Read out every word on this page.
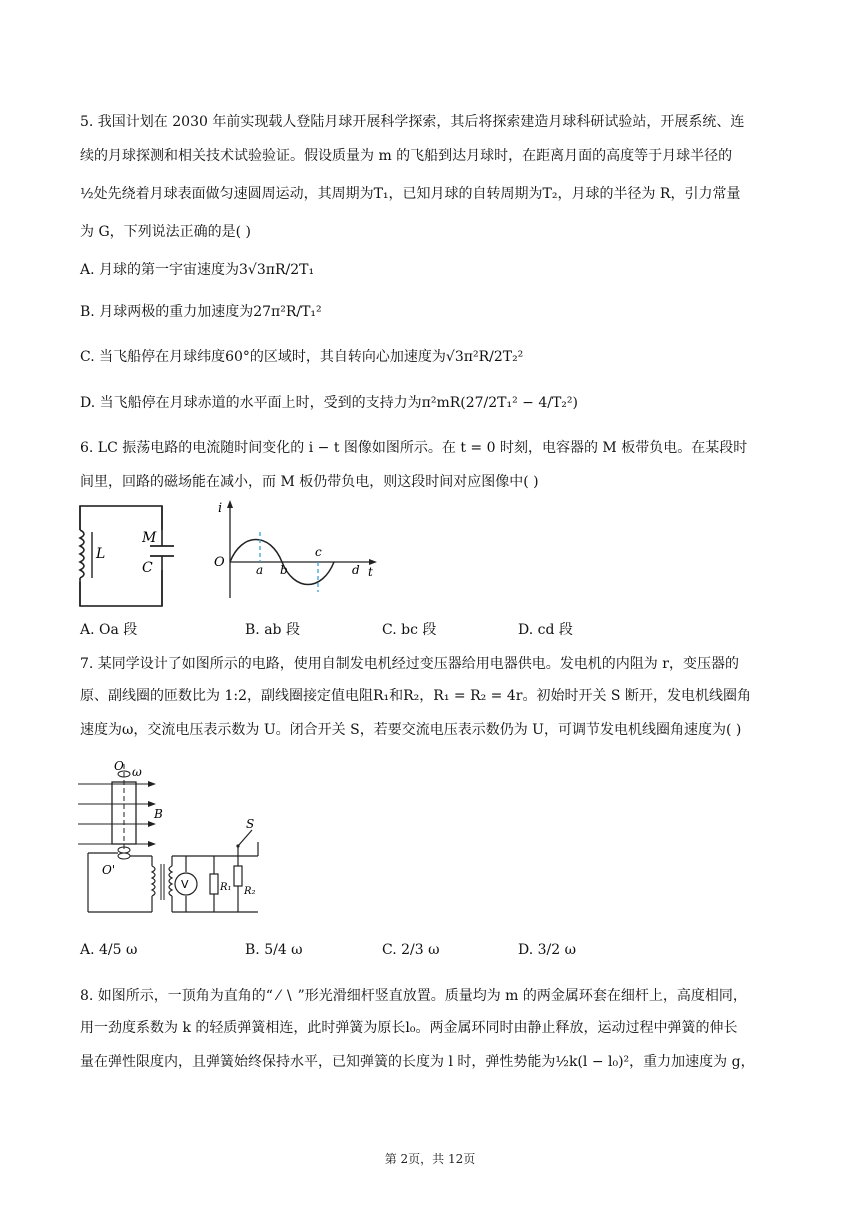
5. 我国计划在 2030 年前实现载人登陆月球开展科学探索，其后将探索建造月球科研试验站，开展系统、连
续的月球探测和相关技术试验验证。假设质量为 m 的飞船到达月球时，在距离月面的高度等于月球半径的
½处先绕着月球表面做匀速圆周运动，其周期为T₁，已知月球的自转周期为T₂，月球的半径为 R，引力常量
为 G，下列说法正确的是( )
A. 月球的第一宇宙速度为3√3πR/2T₁
B. 月球两极的重力加速度为27π²R/T₁²
C. 当飞船停在月球纬度60°的区域时，其自转向心加速度为√3π²R/2T₂²
D. 当飞船停在月球赤道的水平面上时，受到的支持力为π²mR(27/2T₁² − 4/T₂²)
6. LC 振荡电路的电流随时间变化的 i − t 图像如图所示。在 t = 0 时刻，电容器的 M 板带负电。在某段时
间里，回路的磁场能在减小，而 M 板仍带负电，则这段时间对应图像中( )
L
M
C
i
O	a b
c
d t
A. Oa 段	B. ab 段	C. bc 段	D. cd 段
7. 某同学设计了如图所示的电路，使用自制发电机经过变压器给用电器供电。发电机的内阻为 r，变压器的
原、副线圈的匝数比为 1:2，副线圈接定值电阻R₁和R₂，R₁ = R₂ = 4r。初始时开关 S 断开，发电机线圈角
速度为ω，交流电压表示数为 U。闭合开关 S，若要交流电压表示数仍为 U，可调节发电机线圈角速度为( )
O ω
B
O'
V	R₁
S
R₂
A. 4/5 ω	B. 5/4 ω	C. 2/3 ω	D. 3/2 ω
8. 如图所示，一顶角为直角的“ ⁄ ∖ ”形光滑细杆竖直放置。质量均为 m 的两金属环套在细杆上，高度相同，
用一劲度系数为 k 的轻质弹簧相连，此时弹簧为原长l₀。两金属环同时由静止释放，运动过程中弹簧的伸长
量在弹性限度内，且弹簧始终保持水平，已知弹簧的长度为 l 时，弹性势能为½k(l − l₀)²，重力加速度为 g，
第 2页，共 12页
